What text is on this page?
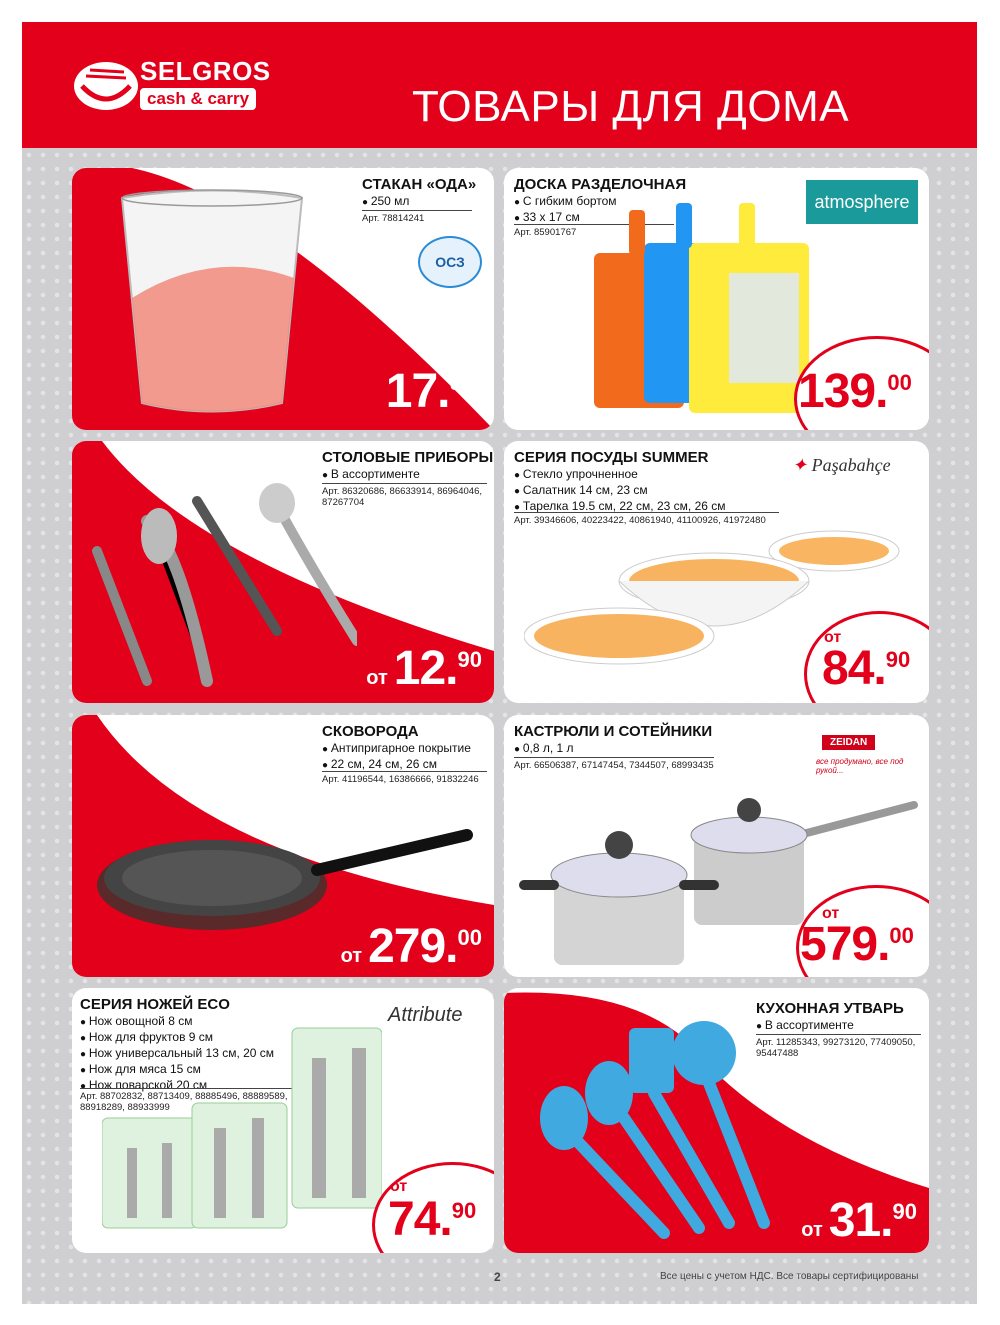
SELGROS
cash & carry	ТОВАРЫ ДЛЯ ДОМА
СТАКАН «ОДА»
● 250 мл
Арт. 78814241
ОСЗ
17.90
ДОСКА РАЗДЕЛОЧНАЯ
● С гибким бортом
● 33 х 17 см
Арт. 85901767
atmosphere
139.00
СТОЛОВЫЕ ПРИБОРЫ
● В ассортименте
Арт. 86320686, 86633914, 86964046, 87267704
от 12.90
СЕРИЯ ПОСУДЫ SUMMER
● Стекло упрочненное
● Салатник 14 см, 23 см
● Тарелка 19.5 см, 22 см, 23 см, 26 см
Арт. 39346606, 40223422, 40861940, 41100926, 41972480
✦ Paşabahçe
от
84.90
СКОВОРОДА
● Антипригарное покрытие
● 22 см, 24 см, 26 см
Арт. 41196544, 16386666, 91832246
от 279.00
КАСТРЮЛИ И СОТЕЙНИКИ
● 0,8 л, 1 л
Арт. 66506387, 67147454, 7344507, 68993435
ZEIDAN
все продумано, все под рукой...
от
579.00
СЕРИЯ НОЖЕЙ ECO
● Нож овощной 8 см
● Нож для фруктов 9 см
● Нож универсальный 13 см, 20 см
● Нож для мяса 15 см
● Нож поварской 20 см
Арт. 88702832, 88713409, 88885496, 88889589, 88918289, 88933999
Attribute
от
74.90
КУХОННАЯ УТВАРЬ
● В ассортименте
Арт. 11285343, 99273120, 77409050, 95447488
от 31.90
2	Все цены с учетом НДС. Все товары сертифицированы
